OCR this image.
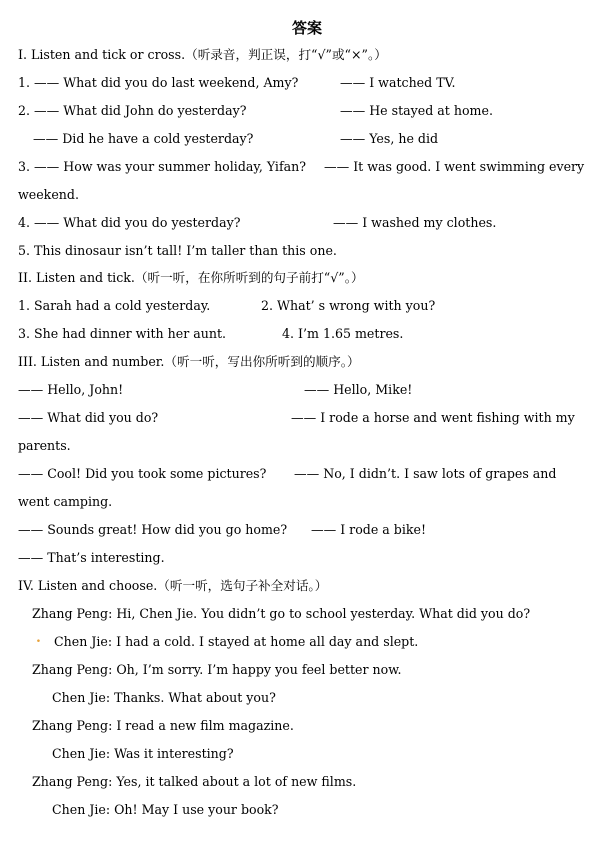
答案
I. Listen and tick or cross.（听录音，判正误，打“√”或“×”。）
1. —— What did you do last weekend, Amy?	—— I watched TV.
2. —— What did John do yesterday?	—— He stayed at home.
—— Did he have a cold yesterday?	—— Yes, he did
3. —— How was your summer holiday, Yifan? —— It was good. I went swimming every
weekend.
4. —— What did you do yesterday?	—— I washed my clothes.
5. This dinosaur isn’t tall! I’m taller than this one.
II. Listen and tick.（听一听，在你所听到的句子前打“√”。）
1. Sarah had a cold yesterday.	2. What’ s wrong with you?
3. She had dinner with her aunt.	4. I’m 1.65 metres.
III. Listen and number.（听一听，写出你所听到的顺序。）
—— Hello, John!	—— Hello, Mike!
—— What did you do?	—— I rode a horse and went fishing with my
parents.
—— Cool! Did you took some pictures? —— No, I didn’t. I saw lots of grapes and
went camping.
—— Sounds great! How did you go home? —— I rode a bike!
—— That’s interesting.
IV. Listen and choose.（听一听，选句子补全对话。）
Zhang Peng: Hi, Chen Jie. You didn’t go to school yesterday. What did you do?
. Chen Jie: I had a cold. I stayed at home all day and slept.
Zhang Peng: Oh, I’m sorry. I’m happy you feel better now.
Chen Jie: Thanks. What about you?
Zhang Peng: I read a new film magazine.
Chen Jie: Was it interesting?
Zhang Peng: Yes, it talked about a lot of new films.
Chen Jie: Oh! May I use your book?
